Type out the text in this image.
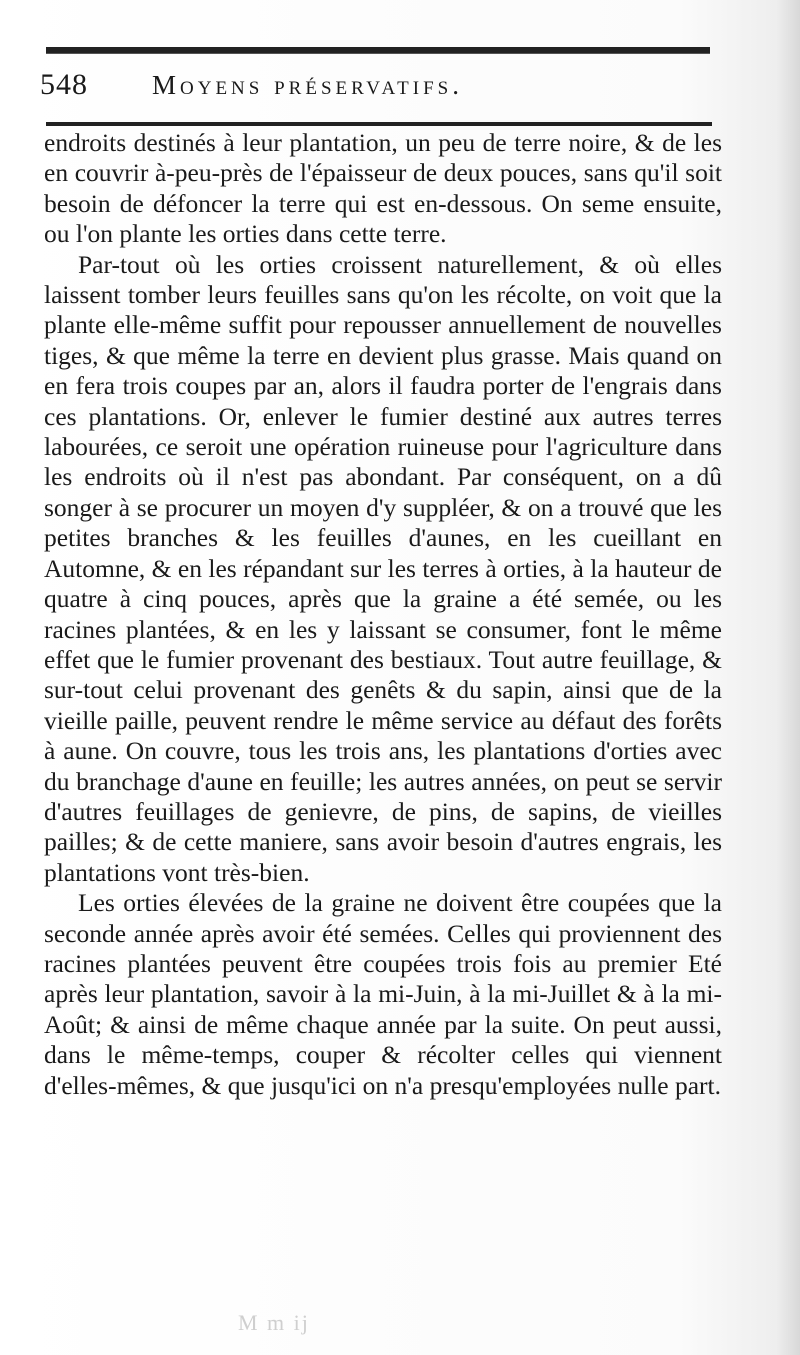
548 Moyens préservatifs.

endroits destinés à leur plantation, un peu de terre noire, & de les en couvrir à-peu-près de l'épaisseur de deux pouces, sans qu'il soit besoin de défoncer la terre qui est en-dessous. On seme ensuite, ou l'on plante les orties dans cette terre.

Par-tout où les orties croissent naturellement, & où elles laissent tomber leurs feuilles sans qu'on les récolte, on voit que la plante elle-même suffit pour repousser annuellement de nouvelles tiges, & que même la terre en devient plus grasse. Mais quand on en fera trois coupes par an, alors il faudra porter de l'engrais dans ces plantations. Or, enlever le fumier destiné aux autres terres labourées, ce seroit une opération ruineuse pour l'agriculture dans les endroits où il n'est pas abondant. Par conséquent, on a dû songer à se procurer un moyen d'y suppléer, & on a trouvé que les petites branches & les feuilles d'aunes, en les cueillant en Automne, & en les répandant sur les terres à orties, à la hauteur de quatre à cinq pouces, après que la graine a été semée, ou les racines plantées, & en les y laissant se consumer, font le même effet que le fumier provenant des bestiaux. Tout autre feuillage, & sur-tout celui provenant des genêts & du sapin, ainsi que de la vieille paille, peuvent rendre le même service au défaut des forêts à aune. On couvre, tous les trois ans, les plantations d'orties avec du branchage d'aune en feuille; les autres années, on peut se servir d'autres feuillages de genievre, de pins, de sapins, de vieilles pailles; & de cette maniere, sans avoir besoin d'autres engrais, les plantations vont très-bien.

Les orties élevées de la graine ne doivent être coupées que la seconde année après avoir été semées. Celles qui proviennent des racines plantées peuvent être coupées trois fois au premier Eté après leur plantation, savoir à la mi-Juin, à la mi-Juillet & à la mi-Août; & ainsi de même chaque année par la suite. On peut aussi, dans le même-temps, couper & récolter celles qui viennent d'elles-mêmes, & que jusqu'ici on n'a presqu'employées nulle part.

M m ij
